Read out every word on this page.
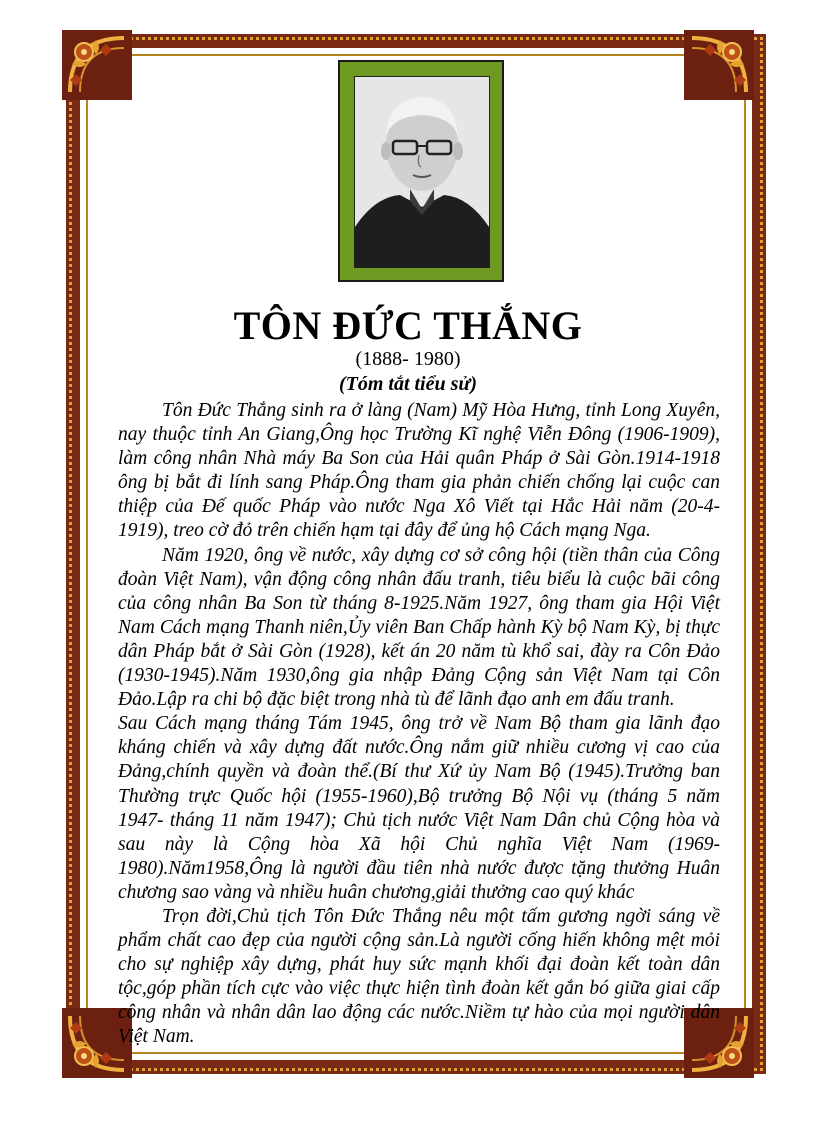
TÔN ĐỨC THẮNG
(1888- 1980)
(Tóm tắt tiểu sử)

Tôn Đức Thắng sinh ra ở làng (Nam) Mỹ Hòa Hưng, tỉnh Long Xuyên, nay thuộc tỉnh An Giang,Ông học Trường Kĩ nghệ Viễn Đông (1906-1909), làm công nhân Nhà máy Ba Son của Hải quân Pháp ở Sài Gòn.1914-1918 ông bị bắt đi lính sang Pháp.Ông tham gia phản chiến chống lại cuộc can thiệp của Đế quốc Pháp vào nước Nga Xô Viết tại Hắc Hải năm (20-4-1919), treo cờ đỏ trên chiến hạm tại đây để ủng hộ Cách mạng Nga.

Năm 1920, ông về nước, xây dựng cơ sở công hội (tiền thân của Công đoàn Việt Nam), vận động công nhân đấu tranh, tiêu biểu là cuộc bãi công của công nhân Ba Son từ tháng 8-1925.Năm 1927, ông tham gia Hội Việt Nam Cách mạng Thanh niên,Ủy viên Ban Chấp hành Kỳ bộ Nam Kỳ, bị thực dân Pháp bắt ở Sài Gòn (1928), kết án 20 năm tù khổ sai, đày ra Côn Đảo (1930-1945).Năm 1930,ông gia nhập Đảng Cộng sản Việt Nam tại Côn Đảo.Lập ra chi bộ đặc biệt trong nhà tù để lãnh đạo anh em đấu tranh.

Sau Cách mạng tháng Tám 1945, ông trở về Nam Bộ tham gia lãnh đạo kháng chiến và xây dựng đất nước.Ông nắm giữ nhiều cương vị cao của Đảng,chính quyền và đoàn thể.(Bí thư Xứ ủy Nam Bộ (1945).Trưởng ban Thường trực Quốc hội (1955-1960),Bộ trưởng Bộ Nội vụ (tháng 5 năm 1947- tháng 11 năm 1947); Chủ tịch nước Việt Nam Dân chủ Cộng hòa và sau này là Cộng hòa Xã hội Chủ nghĩa Việt Nam (1969-1980).Năm1958,Ông là người đầu tiên nhà nước được tặng thưởng Huân chương sao vàng và nhiều huân chương,giải thưởng cao quý khác

Trọn đời,Chủ tịch Tôn Đức Thắng nêu một tấm gương ngời sáng về phẩm chất cao đẹp của người cộng sản.Là người cống hiến không mệt mỏi cho sự nghiệp xây dựng, phát huy sức mạnh khối đại đoàn kết toàn dân tộc,góp phần tích cực vào việc thực hiện tình đoàn kết gắn bó giữa giai cấp công nhân và nhân dân lao động các nước.Niềm tự hào của mọi người dân Việt Nam.
